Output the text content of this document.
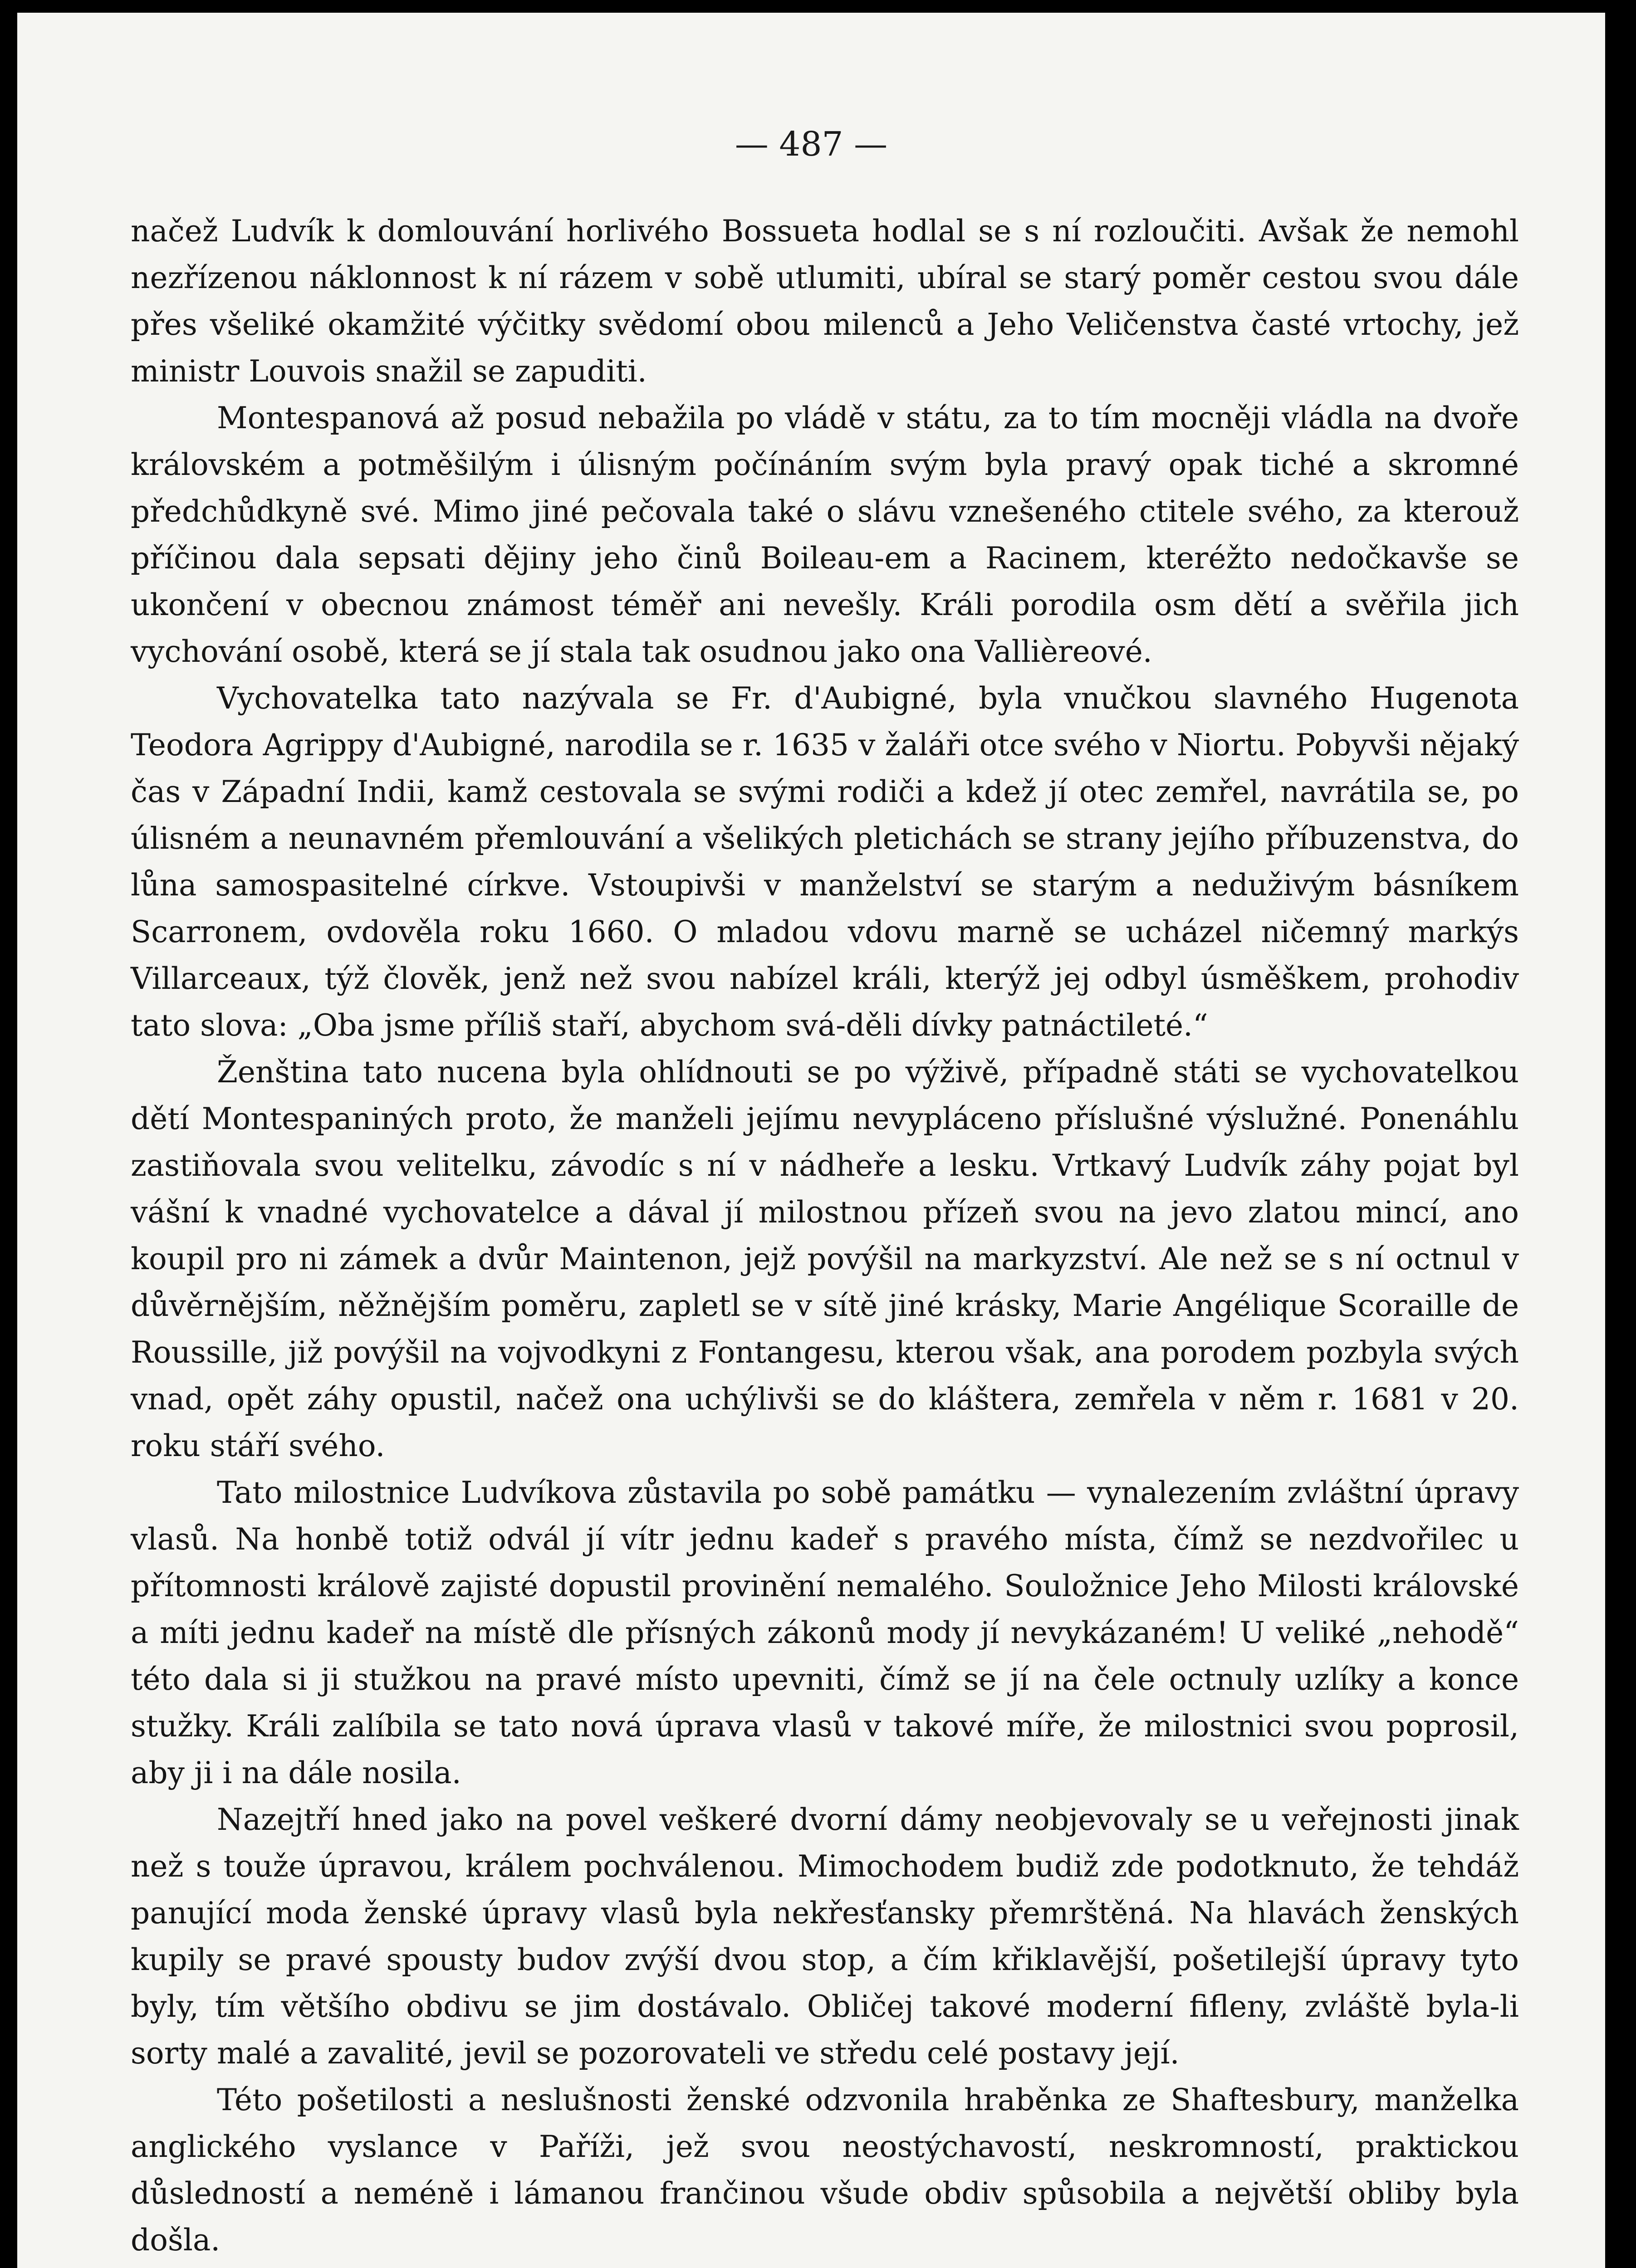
— 487 —

načež Ludvík k domlouvání horlivého Bossueta hodlal se s ní rozloučiti. Avšak že nemohl nezřízenou náklonnost k ní rázem v sobě utlumiti, ubíral se starý poměr cestou svou dále přes všeliké okamžité výčitky svědomí obou milenců a Jeho Veličenstva časté vrtochy, jež ministr Louvois snažil se zapuditi.

Montespanová až posud nebažila po vládě v státu, za to tím mocněji vládla na dvoře královském a potměšilým i úlisným počínáním svým byla pravý opak tiché a skromné předchůdkyně své. Mimo jiné pečovala také o slávu vznešeného ctitele svého, za kterouž příčinou dala sepsati dějiny jeho činů Boileau-em a Racinem, kteréžto nedočkavše se ukončení v obecnou známost téměř ani nevešly. Králi porodila osm dětí a svěřila jich vychování osobě, která se jí stala tak osudnou jako ona Vallièreové.

Vychovatelka tato nazývala se Fr. d'Aubigné, byla vnučkou slavného Hugenota Teodora Agrippy d'Aubigné, narodila se r. 1635 v žaláři otce svého v Niortu. Pobyvši nějaký čas v Západní Indii, kamž cestovala se svými rodiči a kdež jí otec zemřel, navrátila se, po úlisném a neunavném přemlouvání a všelikých pletichách se strany jejího příbuzenstva, do lůna samospasitelné církve. Vstoupivši v manželství se starým a neduživým básníkem Scarronem, ovdověla roku 1660. O mladou vdovu marně se ucházel ničemný markýs Villarceaux, týž člověk, jenž než svou nabízel králi, kterýž jej odbyl úsměškem, prohodiv tato slova: „Oba jsme příliš staří, abychom svá-děli dívky patnáctileté.“

Ženština tato nucena byla ohlídnouti se po výživě, případně státi se vychovatelkou dětí Montespaniných proto, že manželi jejímu nevypláceno příslušné výslužné. Ponenáhlu zastiňovala svou velitelku, závodíc s ní v nádheře a lesku. Vrtkavý Ludvík záhy pojat byl vášní k vnadné vychovatelce a dával jí milostnou přízeň svou na jevo zlatou mincí, ano koupil pro ni zámek a dvůr Maintenon, jejž povýšil na markyzství. Ale než se s ní octnul v důvěrnějším, něžnějším poměru, zapletl se v sítě jiné krásky, Marie Angélique Scoraille de Roussille, již povýšil na vojvodkyni z Fontangesu, kterou však, ana porodem pozbyla svých vnad, opět záhy opustil, načež ona uchýlivši se do kláštera, zemřela v něm r. 1681 v 20. roku stáří svého.

Tato milostnice Ludvíkova zůstavila po sobě památku — vynalezením zvláštní úpravy vlasů. Na honbě totiž odvál jí vítr jednu kadeř s pravého místa, čímž se nezdvořilec u přítomnosti králově zajisté dopustil provinění nemalého. Souložnice Jeho Milosti královské a míti jednu kadeř na místě dle přísných zákonů mody jí nevykázaném! U veliké „nehodě“ této dala si ji stužkou na pravé místo upevniti, čímž se jí na čele octnuly uzlíky a konce stužky. Králi zalíbila se tato nová úprava vlasů v takové míře, že milostnici svou poprosil, aby ji i na dále nosila.

Nazejtří hned jako na povel veškeré dvorní dámy neobjevovaly se u veřejnosti jinak než s touže úpravou, králem pochválenou. Mimochodem budiž zde podotknuto, že tehdáž panující moda ženské úpravy vlasů byla nekřesťansky přemrštěná. Na hlavách ženských kupily se pravé spousty budov zvýší dvou stop, a čím křiklavější, pošetilejší úpravy tyto byly, tím většího obdivu se jim dostávalo. Obličej takové moderní fifleny, zvláště byla-li sorty malé a zavalité, jevil se pozorovateli ve středu celé postavy její.

Této pošetilosti a neslušnosti ženské odzvonila hraběnka ze Shaftesbury, manželka anglického vyslance v Paříži, jež svou neostýchavostí, neskromností, praktickou důsledností a neméně i lámanou frančinou všude obdiv spůsobila a největší obliby byla došla.
